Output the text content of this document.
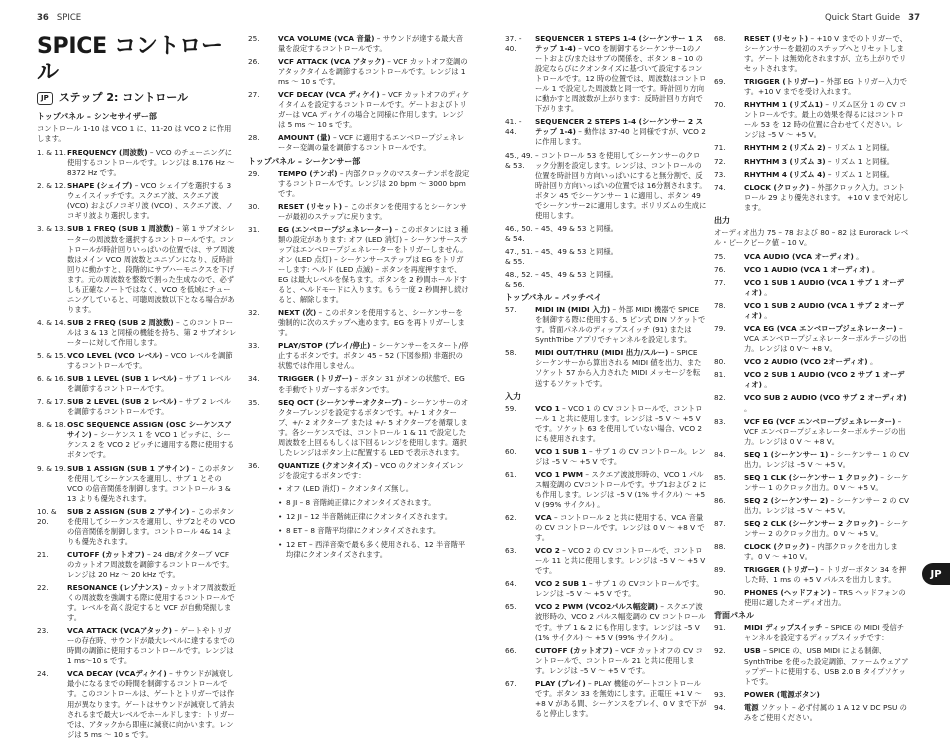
36 SPICE	Quick Start Guide 37
SPICE コントロール
JP ステップ 2: コントロール
トップパネル – シンセサイザー部
コントロール 1-10 は VCO 1 に、11-20 は VCO 2 に作用します。
1. & 11. FREQUENCY (周波数) – VCO のチューニングに使用するコントロールです。レンジは 8.176 Hz ～ 8372 Hz です。
2. & 12. SHAPE (シェイプ) – VCO シェイプを選択する 3 ウェイスイッチです。スクエア波、スクエア波 (VCO) およびノコギリ波 (VCO) 、スクエア波、ノコギリ波より選択します。
3. & 13. SUB 1 FREQ (SUB 1 周波数) – 第 1 サブオシレーターの周波数を選択するコントロールです。コントロールが時計回りいっぱいの位置では、サブ周波数はメイン VCO 周波数とユニゾンになり、反時計回りに動かすと、段階的にサブハーモニクスを下げます。元の周波数を整数で割った生成なので、必ずしも正確なノートではなく、VCO を低域にチューニングしていると、可聴周波数以下となる場合があります。
4. & 14. SUB 2 FREQ (SUB 2 周波数) – このコントロールは 3 & 13 と同様の機能を持ち、第 2 サブオシレーターに対して作用します。
5. & 15. VCO LEVEL (VCO レベル) – VCO レベルを調節するコントロールです。
6. & 16. SUB 1 LEVEL (SUB 1 レベル) – サブ 1 レベルを調節するコントロールです。
7. & 17. SUB 2 LEVEL (SUB 2 レベル) – サブ 2 レベルを調節するコントロールです。
8. & 18. OSC SEQUENCE ASSIGN (OSC シーケンスアサイン) – シーケンス 1 を VCO 1 ピッチに、シーケンス 2 を VCO 2 ピッチに適用する際に使用するボタンです。
9. & 19. SUB 1 ASSIGN (SUB 1 アサイン) – このボタンを使用してシーケンスを適用し、サブ 1 とその VCO の倍音関係を制御します。コントロール 3 & 13 よりも優先されます。
10. & 20.
SUB 2 ASSIGN (SUB 2 アサイン) – このボタンを使用してシーケンスを適用し、サブ2とその VCO の倍音関係を制御します。コントロール 4& 14 よりも優先されます。
21.	CUTOFF (カットオフ) – 24 dB/オクターブ VCF のカットオフ周波数を調節するコントロールです。レンジは 20 Hz ～ 20 kHz です。
22.	RESONANCE (レゾナンス) – カットオフ周波数近くの周波数を強調する際に使用するコントロールです。レベルを高く設定すると VCF が自動発振します。
23.	VCA ATTACK (VCAアタック) – ゲートやトリガーの存在時、サウンドが最大レベルに達するまでの時間の調節に使用するコントロールです。レンジは 1 ms～10 s です。
24.	VCA DECAY (VCAディケイ) – サウンドが減衰し最小になるまでの時間を制御するコントロールです。このコントロールは、ゲートとトリガーでは作用が異なります。ゲートはサウンドが減衰して消去されるまで最大レベルでホールドします：トリガーでは、アタックから即座に減衰に向かいます。レンジは 5 ms ～ 10 s です。
25.	VCA VOLUME (VCA 音量) – サウンドが達する最大音量を設定するコントロールです。
26.	VCF ATTACK (VCA アタック) – VCF カットオフ変調のアタックタイムを調節するコントロールです。レンジは 1 ms ～ 10 s です。
27.	VCF DECAY (VCA ディケイ) – VCF カットオフのディケイタイムを設定するコントロールです。ゲートおよびトリガーは VCA ディケイの場合と同様に作用します。レンジは 5 ms ～ 10 s です。
28.	AMOUNT (量) – VCF に適用するエンベロープジェネレーター変調の量を調節するコントロールです。
トップパネル – シーケンサー部
29.	TEMPO (テンポ) – 内部クロックのマスターテンポを設定するコントロールです。レンジは 20 bpm ～ 3000 bpm です。
30.	RESET (リセット) – このボタンを使用するとシーケンサーが最初のステップに戻ります。
31.	EG (エンベロープジェネレーター) – このボタンには 3 種類の設定があります: オフ (LED 消灯) – シーケンサーステップはエンベロープジェネレーターをトリガーしません。オン (LED 点灯) – シーケンサーステップは EG をトリガーします: ヘルド (LED 点滅) – ボタンを再度押すまで、EG は最大レベルを保ちます。ボタンを 2 秒間ホールドすると、ヘルドモードに入ります。もう一度 2 秒間押し続けると、解除します。
32.	NEXT (次) – このボタンを使用すると、シーケンサーを強制的に次のステップへ進めます。EG を再トリガーします。
33.	PLAY/STOP (プレイ/停止) – シーケンサーをスタート/停止するボタンです。ボタン 45 – 52 (下図参照) 非選択の状態では作用しません。
34.	TRIGGER (トリガー) – ボタン 31 がオンの状態で、EG を手動でトリガーするボタンです。
35.	SEQ OCT (シーケンサーオクターブ) – シーケンサーのオクターブレンジを設定するボタンです。+/- 1 オクターブ、+/- 2 オクターブ または +/- 5 オクターブを循環します。各シーケンスでは、コントロール 1 & 11 で設定した周波数を上回るもしくは下回るレンジを使用します。選択したレンジはボタン上に配置する LED で表示されます。
36.	QUANTIZE (クオンタイズ) – VCO のクオンタイズレンジを設定するボタンです：
• オフ (LED 消灯) – クオンタイズ無し。
• 8 JI – 8 音階純正律にクオンタイズされます。
• 12 JI – 12 半音階純正律にクオンタイズされます。
• 8 ET – 8 音階平均律にクオンタイズされます。
• 12 ET – 西洋音楽で最も多く使用される、12 半音階平均律にクオンタイズされます。
37. - 40.
SEQUENCER 1 STEPS 1-4 (シーケンサー 1 ステップ 1-4) – VCO を制御するシーケンサー1のノートおよび/またはサブの関係を、ボタン 8 – 10 の設定ならびにクオンタイズに基づいて設定するコントロールです。12 時の位置では、周波数はコントロール 1 で設定した周波数と同一です。時計回り方向に動かすと周波数が上がります：反時計回り方向で下がります。
41. - 44.
SEQUENCER 2 STEPS 1-4 (シーケンサー 2 ステップ 1-4) – 動作は 37-40 と同様ですが、VCO 2 に作用します。
45., 49. & 53.
– コントロール 53 を使用してシーケンサーのクロック分割を設定します。レンジは、コントロールの位置を時計回り方向いっぱいにすると無分割で、反時計回り方向いっぱいの位置では 16分割されます。ボタン 45 でシーケンサー 1 に適用し、ボタン 49 でシーケンサー2に適用します。ボリリズムの生成に使用します。
46., 50. & 54.
– 45、49 & 53 と同様。
47., 51. & 55.
– 45、49 & 53 と同様。
48., 52. & 56.
– 45、49 & 53 と同様。
トップパネル – パッチベイ
57.	MIDI IN (MIDI 入力) – 外部 MIDI 機器で SPICE を制御する際に使用する、5 ピン式 DIN ソケットです。背面パネルのディップスイッチ (91) または SynthTribe アプリでチャンネルを設定します。
58.	MIDI OUT/THRU (MIDI 出力/スルー) – SPICE シーケンサーから算出される MIDI 値を出力、またソケット 57 から入力された MIDI メッセージを転送するソケットです。
入力
59.	VCO 1 – VCO 1 の CV コントロールで、コントロール 1 と共に使用します。レンジは –5 V ～ +5 V です。ソケット 63 を使用していない場合、VCO 2 にも使用されます。
60.	VCO 1 SUB 1 – サブ 1 の CV コントロール。レンジは –5 V ～ +5 V です。
61.	VCO 1 PWM – スクエア波波形時の、VCO 1 パルス幅変調の CVコントロールです。サブ1および 2 にも作用します。レンジは –5 V (1% サイクル) ～ +5 V (99% サイクル) 。
62.	VCA – コントロール 2 と共に使用する、VCA 音量の CV コントロールです。レンジは 0 V ～ +8 V です。
63.	VCO 2 – VCO 2 の CV コントロールで、コントロール 11 と共に使用します。レンジは –5 V ～ +5 V です。
64.	VCO 2 SUB 1 – サブ 1 の CVコントロールです。レンジは –5 V ～ +5 V です。
65.	VCO 2 PWM (VCO2パルス幅変調) – スクエア波波形時の、VCO 2 パルス幅変調の CV コントロールです。サブ 1 & 2 にも作用します。レンジは –5 V (1% サイクル) ～ +5 V (99% サイクル) 。
66.	CUTOFF (カットオフ) – VCF カットオフの CV コントロールで、コントロール 21 と共に使用します。レンジは –5 V ～ +5 V です。
67.	PLAY (プレイ) – PLAY 機能のゲートコントロールです。ボタン 33 を無効にします。正電圧 +1 V ～ +8 V がある間、シーケンスをプレイ、0 V まで下がると停止します。
68.	RESET (リセット) – +10 V までのトリガーで、シーケンサーを最初のステップへとリセットします。ゲート は無効化されますが、立ち上がりでリセットされます。
69.	TRIGGER (トリガー) – 外部 EG トリガー入力です。+10 V までを受け入れます。
70.	RHYTHM 1 (リズム1) – リズム区分 1 の CV コントロールです。最上の効果を得るにはコントロール 53 を 12 時の位置に合わせてください。レンジは –5 V ～ +5 V。
71.	RHYTHM 2 (リズム 2) – リズム 1 と同様。
72.	RHYTHM 3 (リズム 3) – リズム 1 と同様。
73.	RHYTHM 4 (リズム 4) – リズム 1 と同様。
74.	CLOCK (クロック) – 外部クロック入力。コントロール 29 より優先されます。 +10 V まで対応します。
出力
オーディオ出力 75 – 78 および 80 – 82 は Eurorack レベル・ピークピーク値 – 10 V。
75.	VCA AUDIO (VCA オーディオ) 。
76.	VCO 1 AUDIO (VCA 1 オーディオ) 。
77.	VCO 1 SUB 1 AUDIO (VCA 1 サブ 1 オーディオ) 。
78.	VCO 1 SUB 2 AUDIO (VCA 1 サブ 2 オーディオ) 。
79.	VCA EG (VCA エンベロープジェネレーター) – VCA エンベロープジェネレーターボルテージの出力。レンジは 0 V～ +8 V。
80.	VCO 2 AUDIO (VCO 2オーディオ) 。
81.	VCO 2 SUB 1 AUDIO (VCO 2 サブ 1 オーディオ) 。
82.	VCO SUB 2 AUDIO (VCO サブ 2 オーディオ) 。
83.	VCF EG (VCF エンベロープジェネレーター) – VCF エンベロープジェネレーターボルテージの出力。レンジは 0 V ～ +8 V。
84.	SEQ 1 (シーケンサー 1) – シーケンサー 1 の CV 出力。レンジは –5 V ～ +5 V。
85.	SEQ 1 CLK (シーケンサー 1 クロック) – シーケンサー 1 のクロック出力。0 V ～ +5 V。
86.	SEQ 2 (シーケンサー 2) – シーケンサー 2 の CV 出力。レンジは –5 V ～ +5 V。
87.	SEQ 2 CLK (シーケンサー 2 クロック) – シーケンサー 2 のクロック出力。0 V ～ +5 V。
88.	CLOCK (クロック) – 内部クロックを出力します。0 V ～ +10 V。
89.	TRIGGER (トリガー) – トリガーボタン 34 を押した時、1 ms の +5 V パルスを出力します。
90.	PHONES (ヘッドフォン) – TRS ヘッドフォンの使用に適したオーディオ出力。
背面パネル
91.	MIDI ディップスイッチ – SPICE の MIDI 受信チャンネルを設定するディップスイッチです：
92.	USB – SPICE の、USB MIDI による制御、SynthTribe を使った設定調節、ファームウェアアップデートに使用する、USB 2.0 B タイプソケットです。
93.	POWER (電源ボタン)
94.	電源 ソケット – 必ず付属の 1 A 12 V DC PSU のみをご使用ください。
JP
